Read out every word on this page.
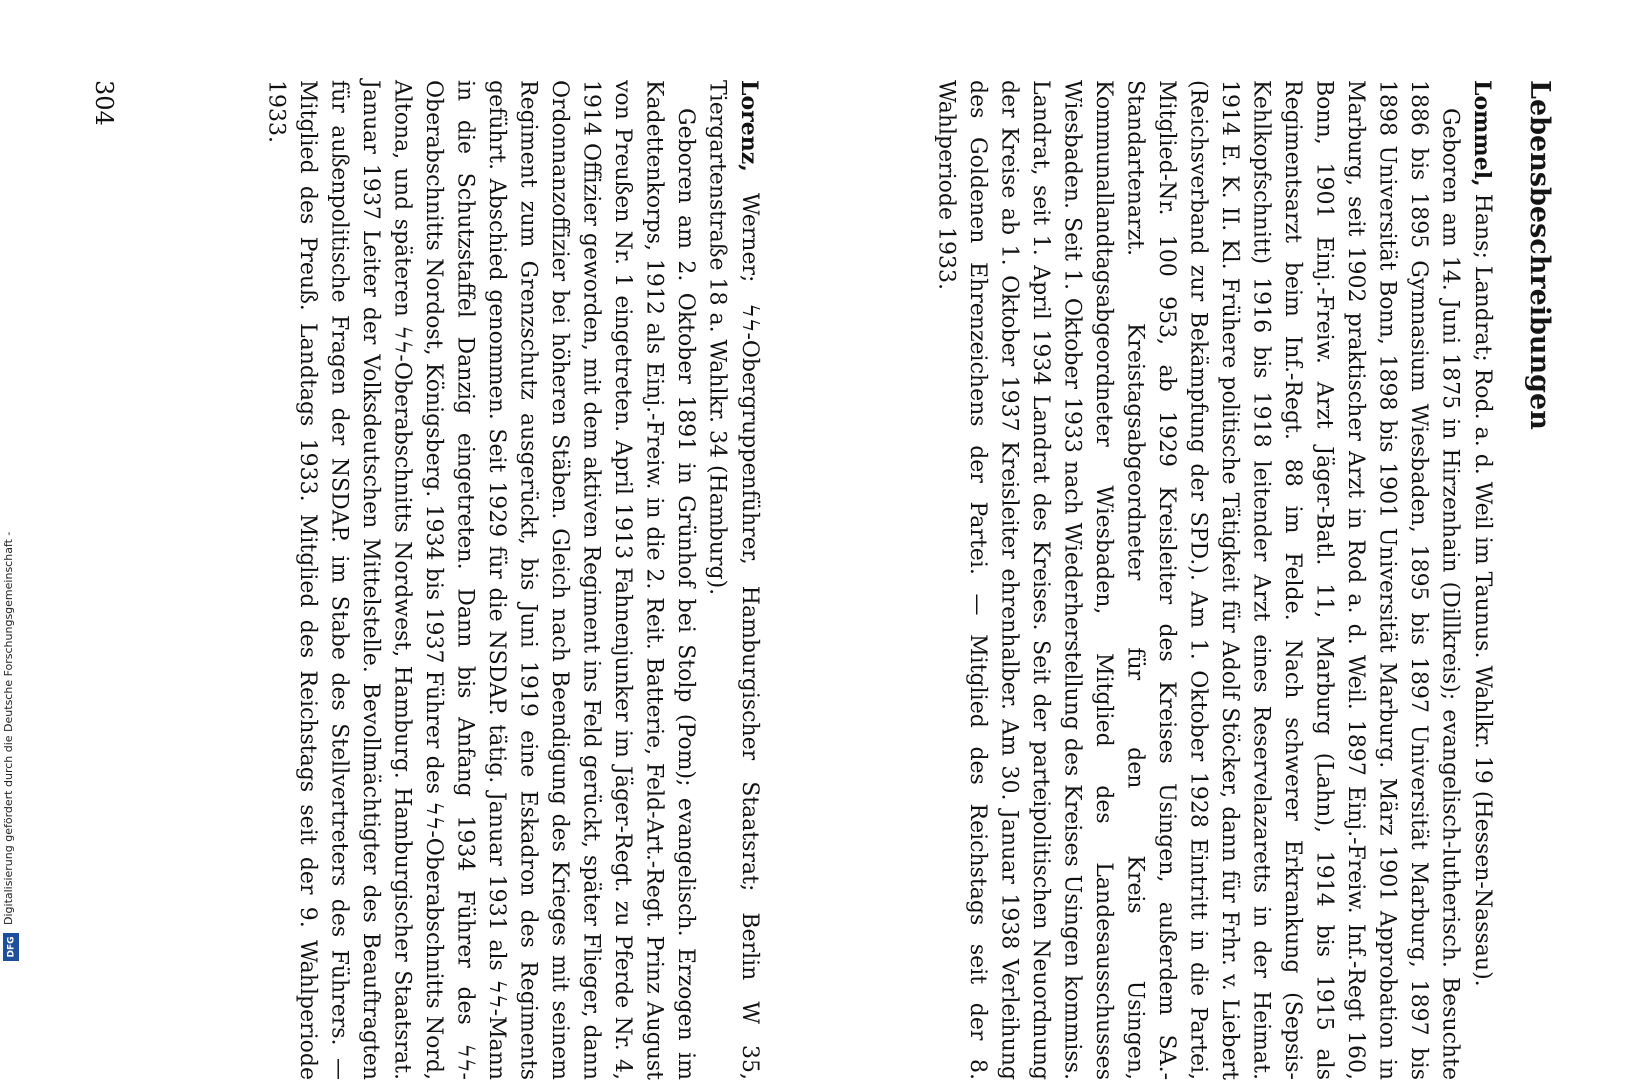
Lebensbeschreibungen

Lommel, Hans; Landrat; Rod. a. d. Weil im Taunus. Wahlkr. 19 (Hessen-Nassau).

Geboren am 14. Juni 1875 in Hirzenhain (Dillkreis); evangelisch-lutherisch. Besuchte 1886 bis 1895 Gymnasium Wiesbaden, 1895 bis 1897 Universität Marburg, 1897 bis 1898 Universität Bonn, 1898 bis 1901 Universität Marburg. März 1901 Approbation in Marburg, seit 1902 praktischer Arzt in Rod a. d. Weil. 1897 Einj.-Freiw. Inf.-Regt 160, Bonn, 1901 Einj.-Freiw. Arzt Jäger-Batl. 11, Marburg (Lahn), 1914 bis 1915 als Regimentsarzt beim Inf.-Regt. 88 im Felde. Nach schwerer Erkrankung (Sepsis-Kehlkopfschnitt) 1916 bis 1918 leitender Arzt eines Reservelazaretts in der Heimat. 1914 E. K. II. Kl. Frühere politische Tätigkeit für Adolf Stöcker, dann für Frhr. v. Liebert (Reichsverband zur Bekämpfung der SPD.). Am 1. Oktober 1928 Eintritt in die Partei, Mitglied-Nr. 100 953, ab 1929 Kreisleiter des Kreises Usingen, außerdem SA.-Standartenarzt. Kreistagsabgeordneter für den Kreis Usingen, Kommunallandtagsabgeordneter Wiesbaden, Mitglied des Landesausschusses Wiesbaden. Seit 1. Oktober 1933 nach Wiederherstellung des Kreises Usingen kommiss. Landrat, seit 1. April 1934 Landrat des Kreises. Seit der parteipolitischen Neuordnung der Kreise ab 1. Oktober 1937 Kreisleiter ehrenhalber. Am 30. Januar 1938 Verleihung des Goldenen Ehrenzeichens der Partei. — Mitglied des Reichstags seit der 8. Wahlperiode 1933.

Lorenz, Werner; ϟϟ-Obergruppenführer, Hamburgischer Staatsrat; Berlin W 35, Tiergartenstraße 18 a. Wahlkr. 34 (Hamburg).

Geboren am 2. Oktober 1891 in Grünhof bei Stolp (Pom); evangelisch. Erzogen im Kadettenkorps, 1912 als Einj.-Freiw. in die 2. Reit. Batterie, Feld-Art.-Regt. Prinz August von Preußen Nr. 1 eingetreten. April 1913 Fahnenjunker im Jäger-Regt. zu Pferde Nr. 4, 1914 Offizier geworden, mit dem aktiven Regiment ins Feld gerückt, später Flieger, dann Ordonnanzoffizier bei höheren Stäben. Gleich nach Beendigung des Krieges mit seinem Regiment zum Grenzschutz ausgerückt, bis Juni 1919 eine Eskadron des Regiments geführt. Abschied genommen. Seit 1929 für die NSDAP. tätig. Januar 1931 als ϟϟ-Mann in die Schutzstaffel Danzig eingetreten. Dann bis Anfang 1934 Führer des ϟϟ-Oberabschnitts Nordost, Königsberg. 1934 bis 1937 Führer des ϟϟ-Oberabschnitts Nord, Altona, und späteren ϟϟ-Oberabschnitts Nordwest, Hamburg. Hamburgischer Staatsrat. Januar 1937 Leiter der Volksdeutschen Mittelstelle. Bevollmächtigter des Beauftragten für außenpolitische Fragen der NSDAP. im Stabe des Stellvertreters des Führers. — Mitglied des Preuß. Landtags 1933. Mitglied des Reichstags seit der 9. Wahlperiode 1933.

304
Digitalisierung gefördert durch die Deutsche Forschungsgemeinschaft -
DFG
